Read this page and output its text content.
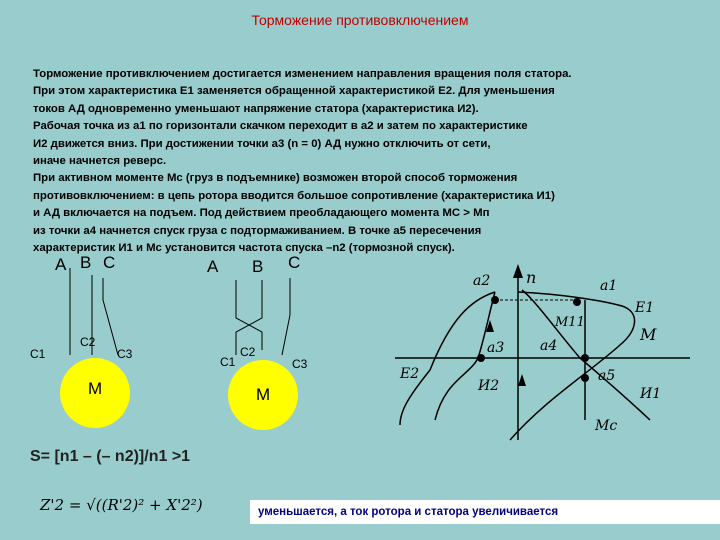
Торможение противовключением
Торможение противключением достигается изменением направления вращения поля статора.
При этом характеристика Е1 заменяется обращенной характеристикой Е2. Для уменьшения
токов АД одновременно уменьшают напряжение статора (характеристика И2).
Рабочая точка из а1 по горизонтали скачком переходит в а2 и затем по характеристике
И2 движется вниз. При достижении точки а3 (n = 0) АД нужно отключить от сети,
иначе начнется реверс.
При активном моменте Мс (груз в подъемнике) возможен второй способ торможения
противовключением: в цепь ротора вводится большое сопротивление (характеристика И1)
и АД включается на подъем. Под действием преобладающего момента МС > Мп
из точки а4 начнется спуск груза с подтормаживанием. В точке а5 пересечения
характеристик И1 и Мс установится частота спуска –n2 (тормозной спуск).
А В С
С1
С2
С3
М
А В С
С1
С2
С3
М
n	a1
a2
a3	a4
a5
E1
M
M11
E2
И2	И1
Mc
S= [n1 – (– n2)]/n1 >1
Z'2 = √((R'2)² + X'2²)	уменьшается, а ток ротора и статора увеличивается
